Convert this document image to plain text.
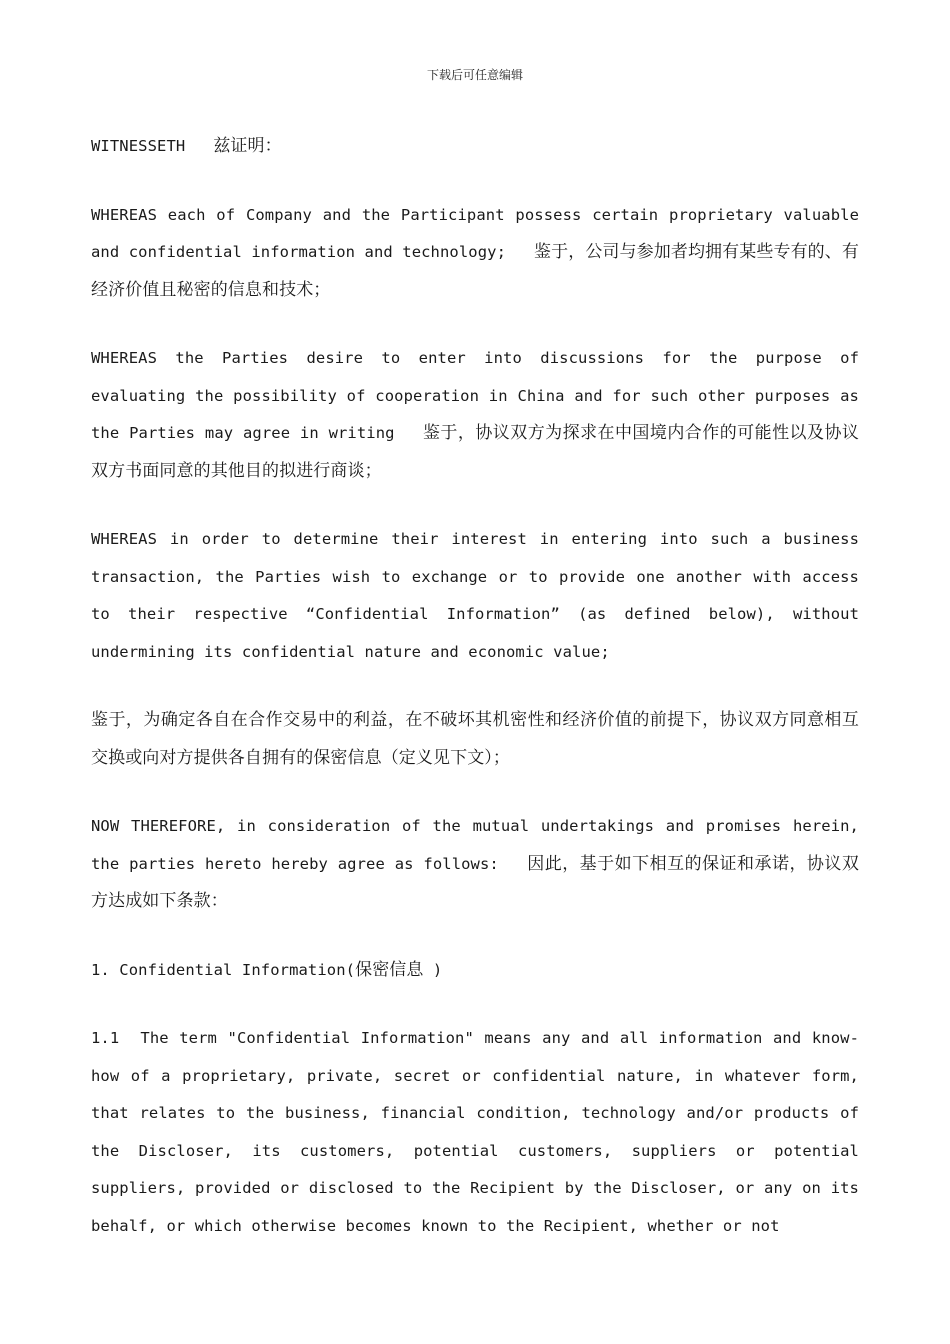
下载后可任意编辑

WITNESSETH 兹证明：

WHEREAS each of Company and the Participant possess certain proprietary valuable and confidential information and technology; 鉴于，公司与参加者均拥有某些专有的、有经济价值且秘密的信息和技术；

WHEREAS the Parties desire to enter into discussions for the purpose of evaluating the possibility of cooperation in China and for such other purposes as the Parties may agree in writing 鉴于，协议双方为探求在中国境内合作的可能性以及协议双方书面同意的其他目的拟进行商谈；

WHEREAS in order to determine their interest in entering into such a business transaction, the Parties wish to exchange or to provide one another with access to their respective “Confidential Information” (as defined below), without undermining its confidential nature and economic value;

鉴于，为确定各自在合作交易中的利益，在不破坏其机密性和经济价值的前提下，协议双方同意相互交换或向对方提供各自拥有的保密信息（定义见下文）；

NOW THEREFORE, in consideration of the mutual undertakings and promises herein, the parties hereto hereby agree as follows: 因此，基于如下相互的保证和承诺，协议双方达成如下条款：

1. Confidential Information(保密信息 )

1.1  The term "Confidential Information" means any and all information and know-how of a proprietary, private, secret or confidential nature, in whatever form, that relates to the business, financial condition, technology and/or products of the Discloser, its customers, potential customers, suppliers or potential suppliers, provided or disclosed to the Recipient by the Discloser, or any on its behalf, or which otherwise becomes known to the Recipient, whether or not
